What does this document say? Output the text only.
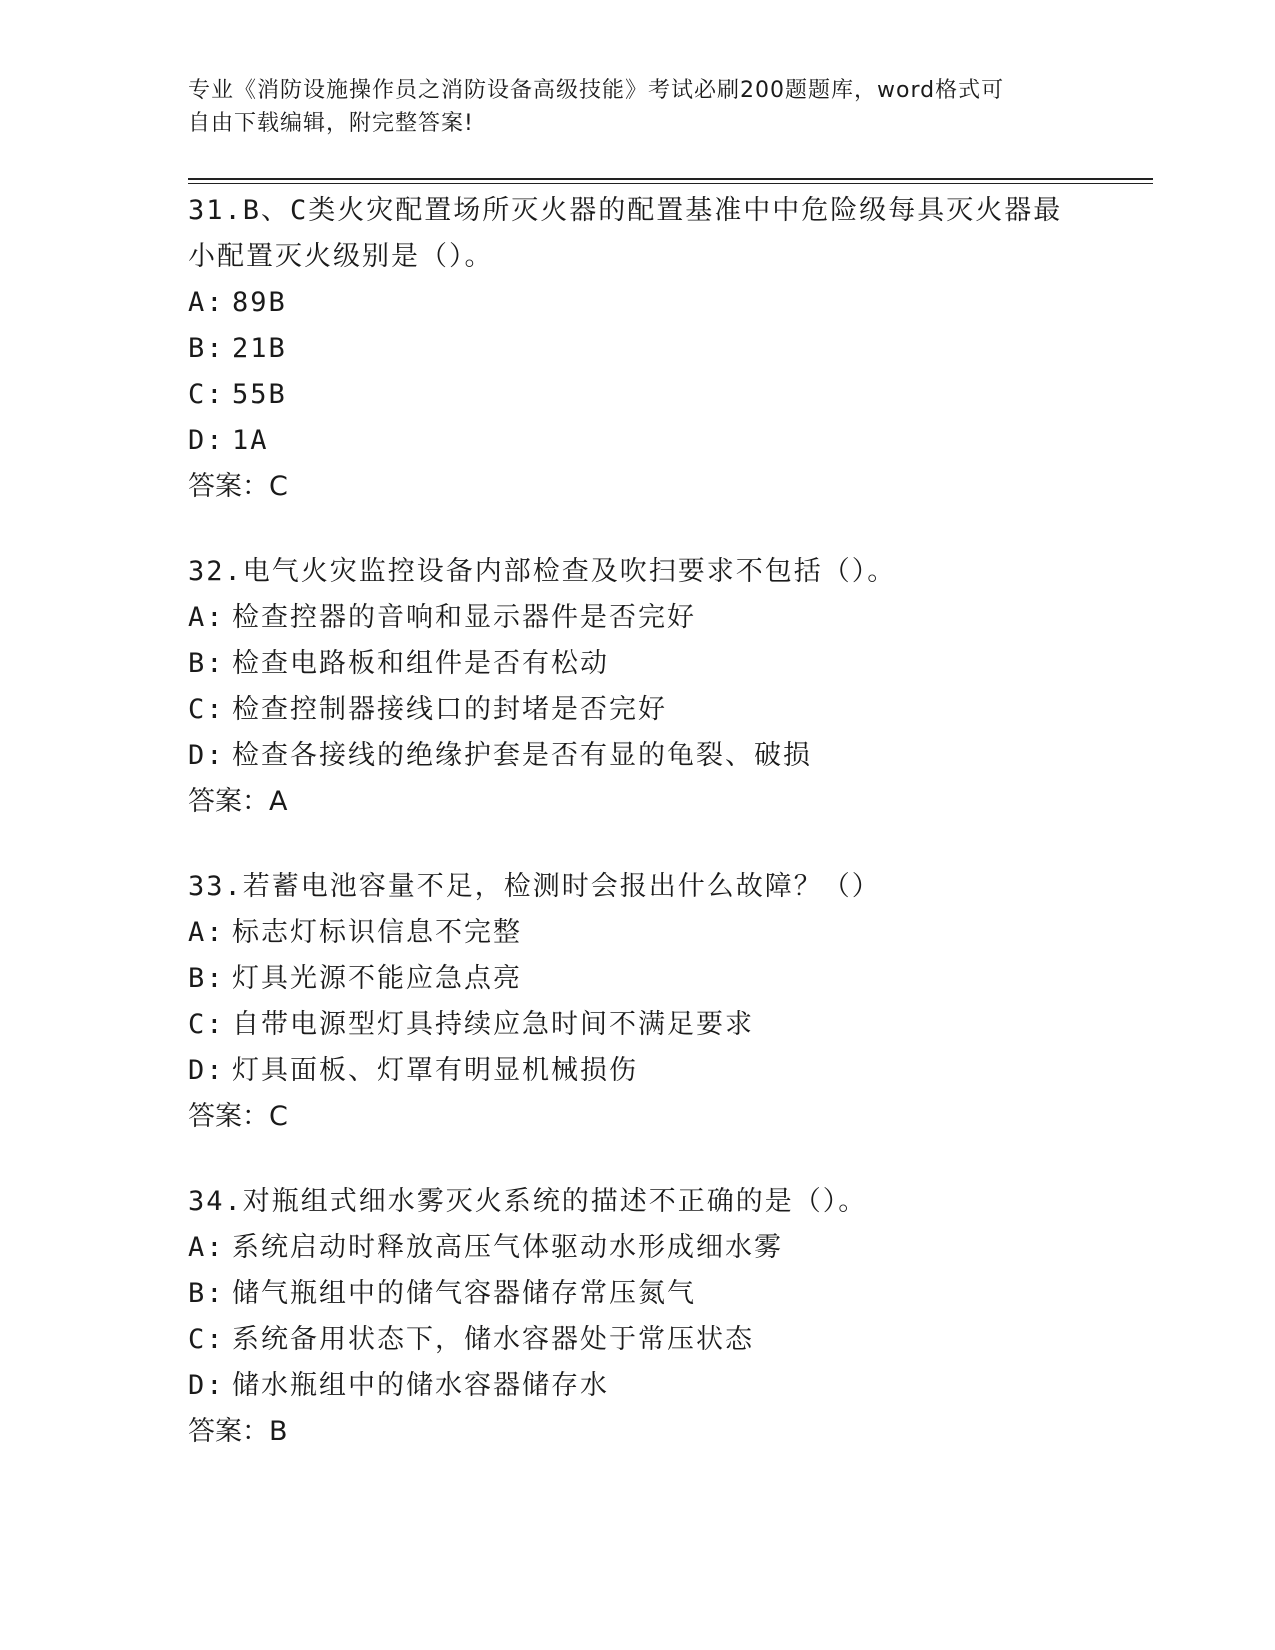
专业《消防设施操作员之消防设备高级技能》考试必刷200题题库，word格式可
自由下载编辑，附完整答案!

31.B、C类火灾配置场所灭火器的配置基准中中危险级每具灭火器最小配置灭火级别是（）。

A: 89B
B: 21B
C: 55B
D: 1A
答案：C

32.电气火灾监控设备内部检查及吹扫要求不包括（）。

A: 检查控器的音响和显示器件是否完好
B: 检查电路板和组件是否有松动
C: 检查控制器接线口的封堵是否完好
D: 检查各接线的绝缘护套是否有显的龟裂、破损
答案：A

33.若蓄电池容量不足，检测时会报出什么故障？（）

A: 标志灯标识信息不完整
B: 灯具光源不能应急点亮
C: 自带电源型灯具持续应急时间不满足要求
D: 灯具面板、灯罩有明显机械损伤
答案：C

34.对瓶组式细水雾灭火系统的描述不正确的是（）。

A: 系统启动时释放高压气体驱动水形成细水雾
B: 储气瓶组中的储气容器储存常压氮气
C: 系统备用状态下，储水容器处于常压状态
D: 储水瓶组中的储水容器储存水
答案：B
